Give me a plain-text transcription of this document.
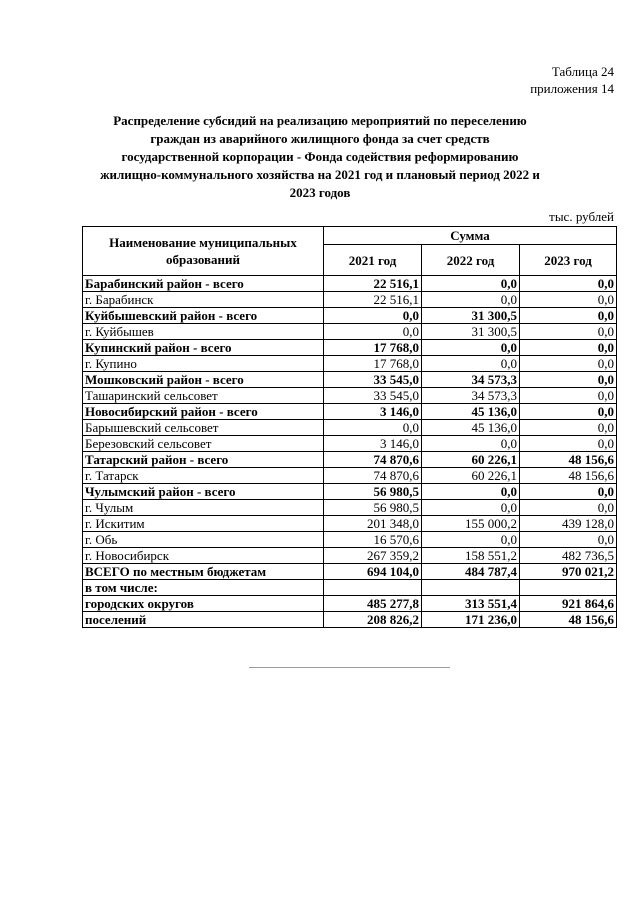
Таблица 24
приложения 14
Распределение субсидий на реализацию мероприятий по переселению граждан из аварийного жилищного фонда за счет средств государственной корпорации - Фонда содействия реформированию жилищно-коммунального хозяйства на 2021 год и плановый период 2022 и 2023 годов
тыс. рублей
Наименование муниципальных образований	Сумма		
	2021 год	2022 год	2023 год
Барабинский район - всего	22 516,1	0,0	0,0
г. Барабинск	22 516,1	0,0	0,0
Куйбышевский район - всего	0,0	31 300,5	0,0
г. Куйбышев	0,0	31 300,5	0,0
Купинский район - всего	17 768,0	0,0	0,0
г. Купино	17 768,0	0,0	0,0
Мошковский район - всего	33 545,0	34 573,3	0,0
Ташаринский сельсовет	33 545,0	34 573,3	0,0
Новосибирский район - всего	3 146,0	45 136,0	0,0
Барышевский сельсовет	0,0	45 136,0	0,0
Березовский сельсовет	3 146,0	0,0	0,0
Татарский район - всего	74 870,6	60 226,1	48 156,6
г. Татарск	74 870,6	60 226,1	48 156,6
Чулымский район - всего	56 980,5	0,0	0,0
г. Чулым	56 980,5	0,0	0,0
г. Искитим	201 348,0	155 000,2	439 128,0
г. Обь	16 570,6	0,0	0,0
г. Новосибирск	267 359,2	158 551,2	482 736,5
ВСЕГО по местным бюджетам	694 104,0	484 787,4	970 021,2
в том числе:			
городских округов	485 277,8	313 551,4	921 864,6
поселений	208 826,2	171 236,0	48 156,6
